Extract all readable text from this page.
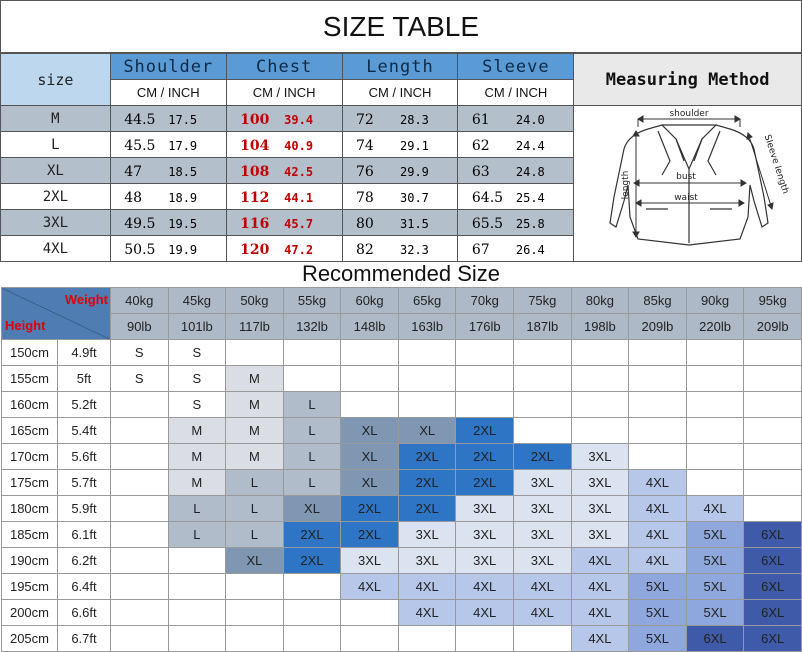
SIZE TABLE
size	Shoulder	Chest	Length	Sleeve	Measuring Method
	CM / INCH	CM / INCH	CM / INCH	CM / INCH	
M	44.5 17.5	100 39.4	72 28.3	61 24.0	
L	45.5 17.9	104 40.9	74 29.1	62 24.4	
XL	47 18.5	108 42.5	76 29.9	63 24.8	
2XL	48 18.9	112 44.1	78 30.7	64.5 25.4	
3XL	49.5 19.5	116 45.7	80 31.5	65.5 25.8	
4XL	50.5 19.9	120 47.2	82 32.3	67 26.4	
shoulder
length	bust
waist
Sleeve length
Recommended Size
Weight
Height		40kg	45kg	50kg	55kg	60kg	65kg	70kg	75kg	80kg	85kg	90kg	95kg
		90lb	101lb	117lb	132lb	148lb	163lb	176lb	187lb	198lb	209lb	220lb	209lb
150cm	4.9ft	S	S										
155cm	5ft	S	S	M									
160cm	5.2ft		S	M	L								
165cm	5.4ft		M	M	L	XL	XL	2XL					
170cm	5.6ft		M	M	L	XL	2XL	2XL	2XL	3XL			
175cm	5.7ft		M	L	L	XL	2XL	2XL	3XL	3XL	4XL		
180cm	5.9ft		L	L	XL	2XL	2XL	3XL	3XL	3XL	4XL	4XL	
185cm	6.1ft		L	L	2XL	2XL	3XL	3XL	3XL	3XL	4XL	5XL	6XL
190cm	6.2ft			XL	2XL	3XL	3XL	3XL	3XL	4XL	4XL	5XL	6XL
195cm	6.4ft					4XL	4XL	4XL	4XL	4XL	5XL	5XL	6XL
200cm	6.6ft						4XL	4XL	4XL	4XL	5XL	5XL	6XL
205cm	6.7ft									4XL	5XL	6XL	6XL
